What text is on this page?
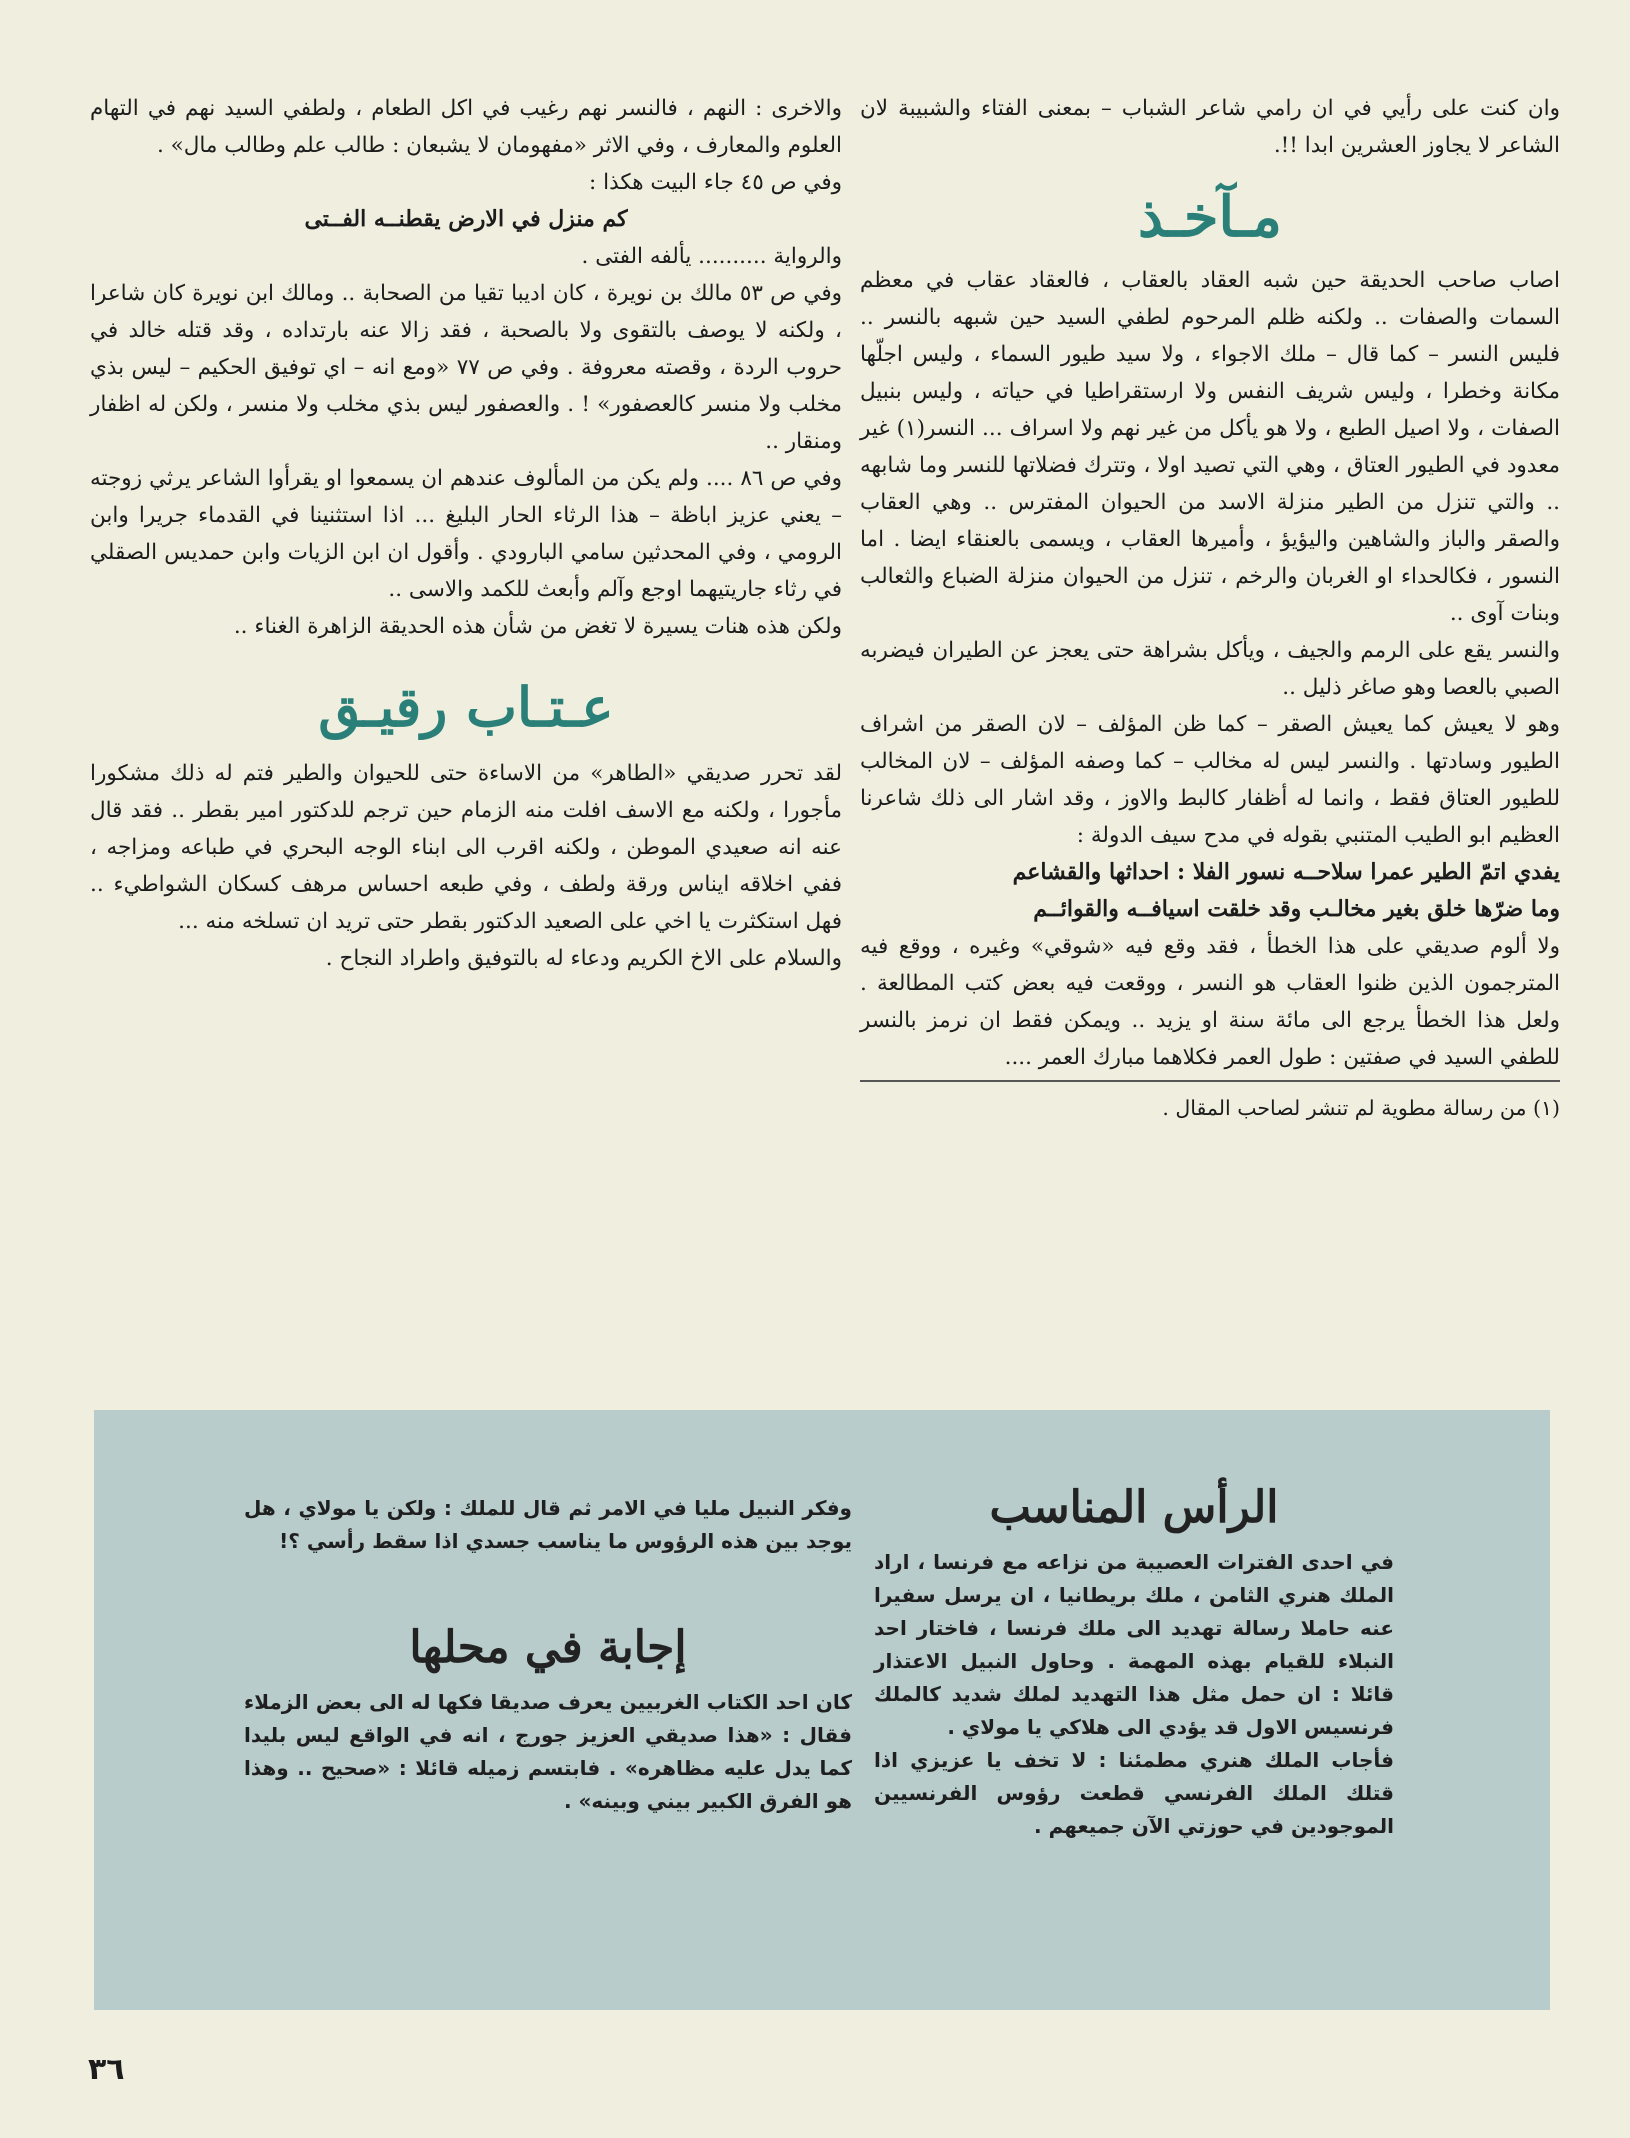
وان كنت على رأيي في ان رامي شاعر الشباب – بمعنى الفتاء والشبيبة لان الشاعر لا يجاوز العشرين ابدا !!.

مـآخـذ

اصاب صاحب الحديقة حين شبه العقاد بالعقاب ، فالعقاد عقاب في معظم السمات والصفات .. ولكنه ظلم المرحوم لطفي السيد حين شبهه بالنسر .. فليس النسر – كما قال – ملك الاجواء ، ولا سيد طيور السماء ، وليس اجلّها مكانة وخطرا ، وليس شريف النفس ولا ارستقراطيا في حياته ، وليس بنبيل الصفات ، ولا اصيل الطبع ، ولا هو يأكل من غير نهم ولا اسراف ... النسر(١) غير معدود في الطيور العتاق ، وهي التي تصيد اولا ، وتترك فضلاتها للنسر وما شابهه .. والتي تنزل من الطير منزلة الاسد من الحيوان المفترس .. وهي العقاب والصقر والباز والشاهين واليؤيؤ ، وأميرها العقاب ، ويسمى بالعنقاء ايضا . اما النسور ، فكالحداء او الغربان والرخم ، تنزل من الحيوان منزلة الضباع والثعالب وبنات آوى ..

والنسر يقع على الرمم والجيف ، ويأكل بشراهة حتى يعجز عن الطيران فيضربه الصبي بالعصا وهو صاغر ذليل ..

وهو لا يعيش كما يعيش الصقر – كما ظن المؤلف – لان الصقر من اشراف الطيور وسادتها . والنسر ليس له مخالب – كما وصفه المؤلف – لان المخالب للطيور العتاق فقط ، وانما له أظفار كالبط والاوز ، وقد اشار الى ذلك شاعرنا العظيم ابو الطيب المتنبي بقوله في مدح سيف الدولة :

يفدي اتمّ الطير عمرا سلاحــه نسور الفلا : احداثها والقشاعم

وما ضرّها خلق بغير مخالـب وقد خلقت اسيافــه والقوائــم

ولا ألوم صديقي على هذا الخطأ ، فقد وقع فيه «شوقي» وغيره ، ووقع فيه المترجمون الذين ظنوا العقاب هو النسر ، ووقعت فيه بعض كتب المطالعة . ولعل هذا الخطأ يرجع الى مائة سنة او يزيد .. ويمكن فقط ان نرمز بالنسر للطفي السيد في صفتين : طول العمر فكلاهما مبارك العمر ....

(١) من رسالة مطوية لم تنشر لصاحب المقال .

والاخرى : النهم ، فالنسر نهم رغيب في اكل الطعام ، ولطفي السيد نهم في التهام العلوم والمعارف ، وفي الاثر «مفهومان لا يشبعان : طالب علم وطالب مال» .

وفي ص ٤٥ جاء البيت هكذا :

كم منزل في الارض يقطنــه الفــتى

والرواية .......... يألفه الفتى .

وفي ص ٥٣ مالك بن نويرة ، كان اديبا تقيا من الصحابة .. ومالك ابن نويرة كان شاعرا ، ولكنه لا يوصف بالتقوى ولا بالصحبة ، فقد زالا عنه بارتداده ، وقد قتله خالد في حروب الردة ، وقصته معروفة . وفي ص ٧٧ «ومع انه – اي توفيق الحكيم – ليس بذي مخلب ولا منسر كالعصفور» ! . والعصفور ليس بذي مخلب ولا منسر ، ولكن له اظفار ومنقار ..

وفي ص ٨٦ .... ولم يكن من المألوف عندهم ان يسمعوا او يقرأوا الشاعر يرثي زوجته – يعني عزيز اباظة – هذا الرثاء الحار البليغ ... اذا استثنينا في القدماء جريرا وابن الرومي ، وفي المحدثين سامي البارودي . وأقول ان ابن الزيات وابن حمديس الصقلي في رثاء جاريتيهما اوجع وآلم وأبعث للكمد والاسى ..

ولكن هذه هنات يسيرة لا تغض من شأن هذه الحديقة الزاهرة الغناء ..

عـتـاب رقيـق

لقد تحرر صديقي «الطاهر» من الاساءة حتى للحيوان والطير فتم له ذلك مشكورا مأجورا ، ولكنه مع الاسف افلت منه الزمام حين ترجم للدكتور امير بقطر .. فقد قال عنه انه صعيدي الموطن ، ولكنه اقرب الى ابناء الوجه البحري في طباعه ومزاجه ، ففي اخلاقه ايناس ورقة ولطف ، وفي طبعه احساس مرهف كسكان الشواطيء .. فهل استكثرت يا اخي على الصعيد الدكتور بقطر حتى تريد ان تسلخه منه ...

والسلام على الاخ الكريم ودعاء له بالتوفيق واطراد النجاح .

الرأس المناسب

في احدى الفترات العصيبة من نزاعه مع فرنسا ، اراد الملك هنري الثامن ، ملك بريطانيا ، ان يرسل سفيرا عنه حاملا رسالة تهديد الى ملك فرنسا ، فاختار احد النبلاء للقيام بهذه المهمة . وحاول النبيل الاعتذار قائلا : ان حمل مثل هذا التهديد لملك شديد كالملك فرنسيس الاول قد يؤدي الى هلاكي يا مولاي .

فأجاب الملك هنري مطمئنا : لا تخف يا عزيزي اذا قتلك الملك الفرنسي قطعت رؤوس الفرنسيين الموجودين في حوزتي الآن جميعهم .

وفكر النبيل مليا في الامر ثم قال للملك : ولكن يا مولاي ، هل يوجد بين هذه الرؤوس ما يناسب جسدي اذا سقط رأسي ؟!

إجابة في محلها

كان احد الكتاب الغربيين يعرف صديقا فكها له الى بعض الزملاء فقال : «هذا صديقي العزيز جورج ، انه في الواقع ليس بليدا كما يدل عليه مظاهره» . فابتسم زميله قائلا : «صحيح .. وهذا هو الفرق الكبير بيني وبينه» .

٣٦
